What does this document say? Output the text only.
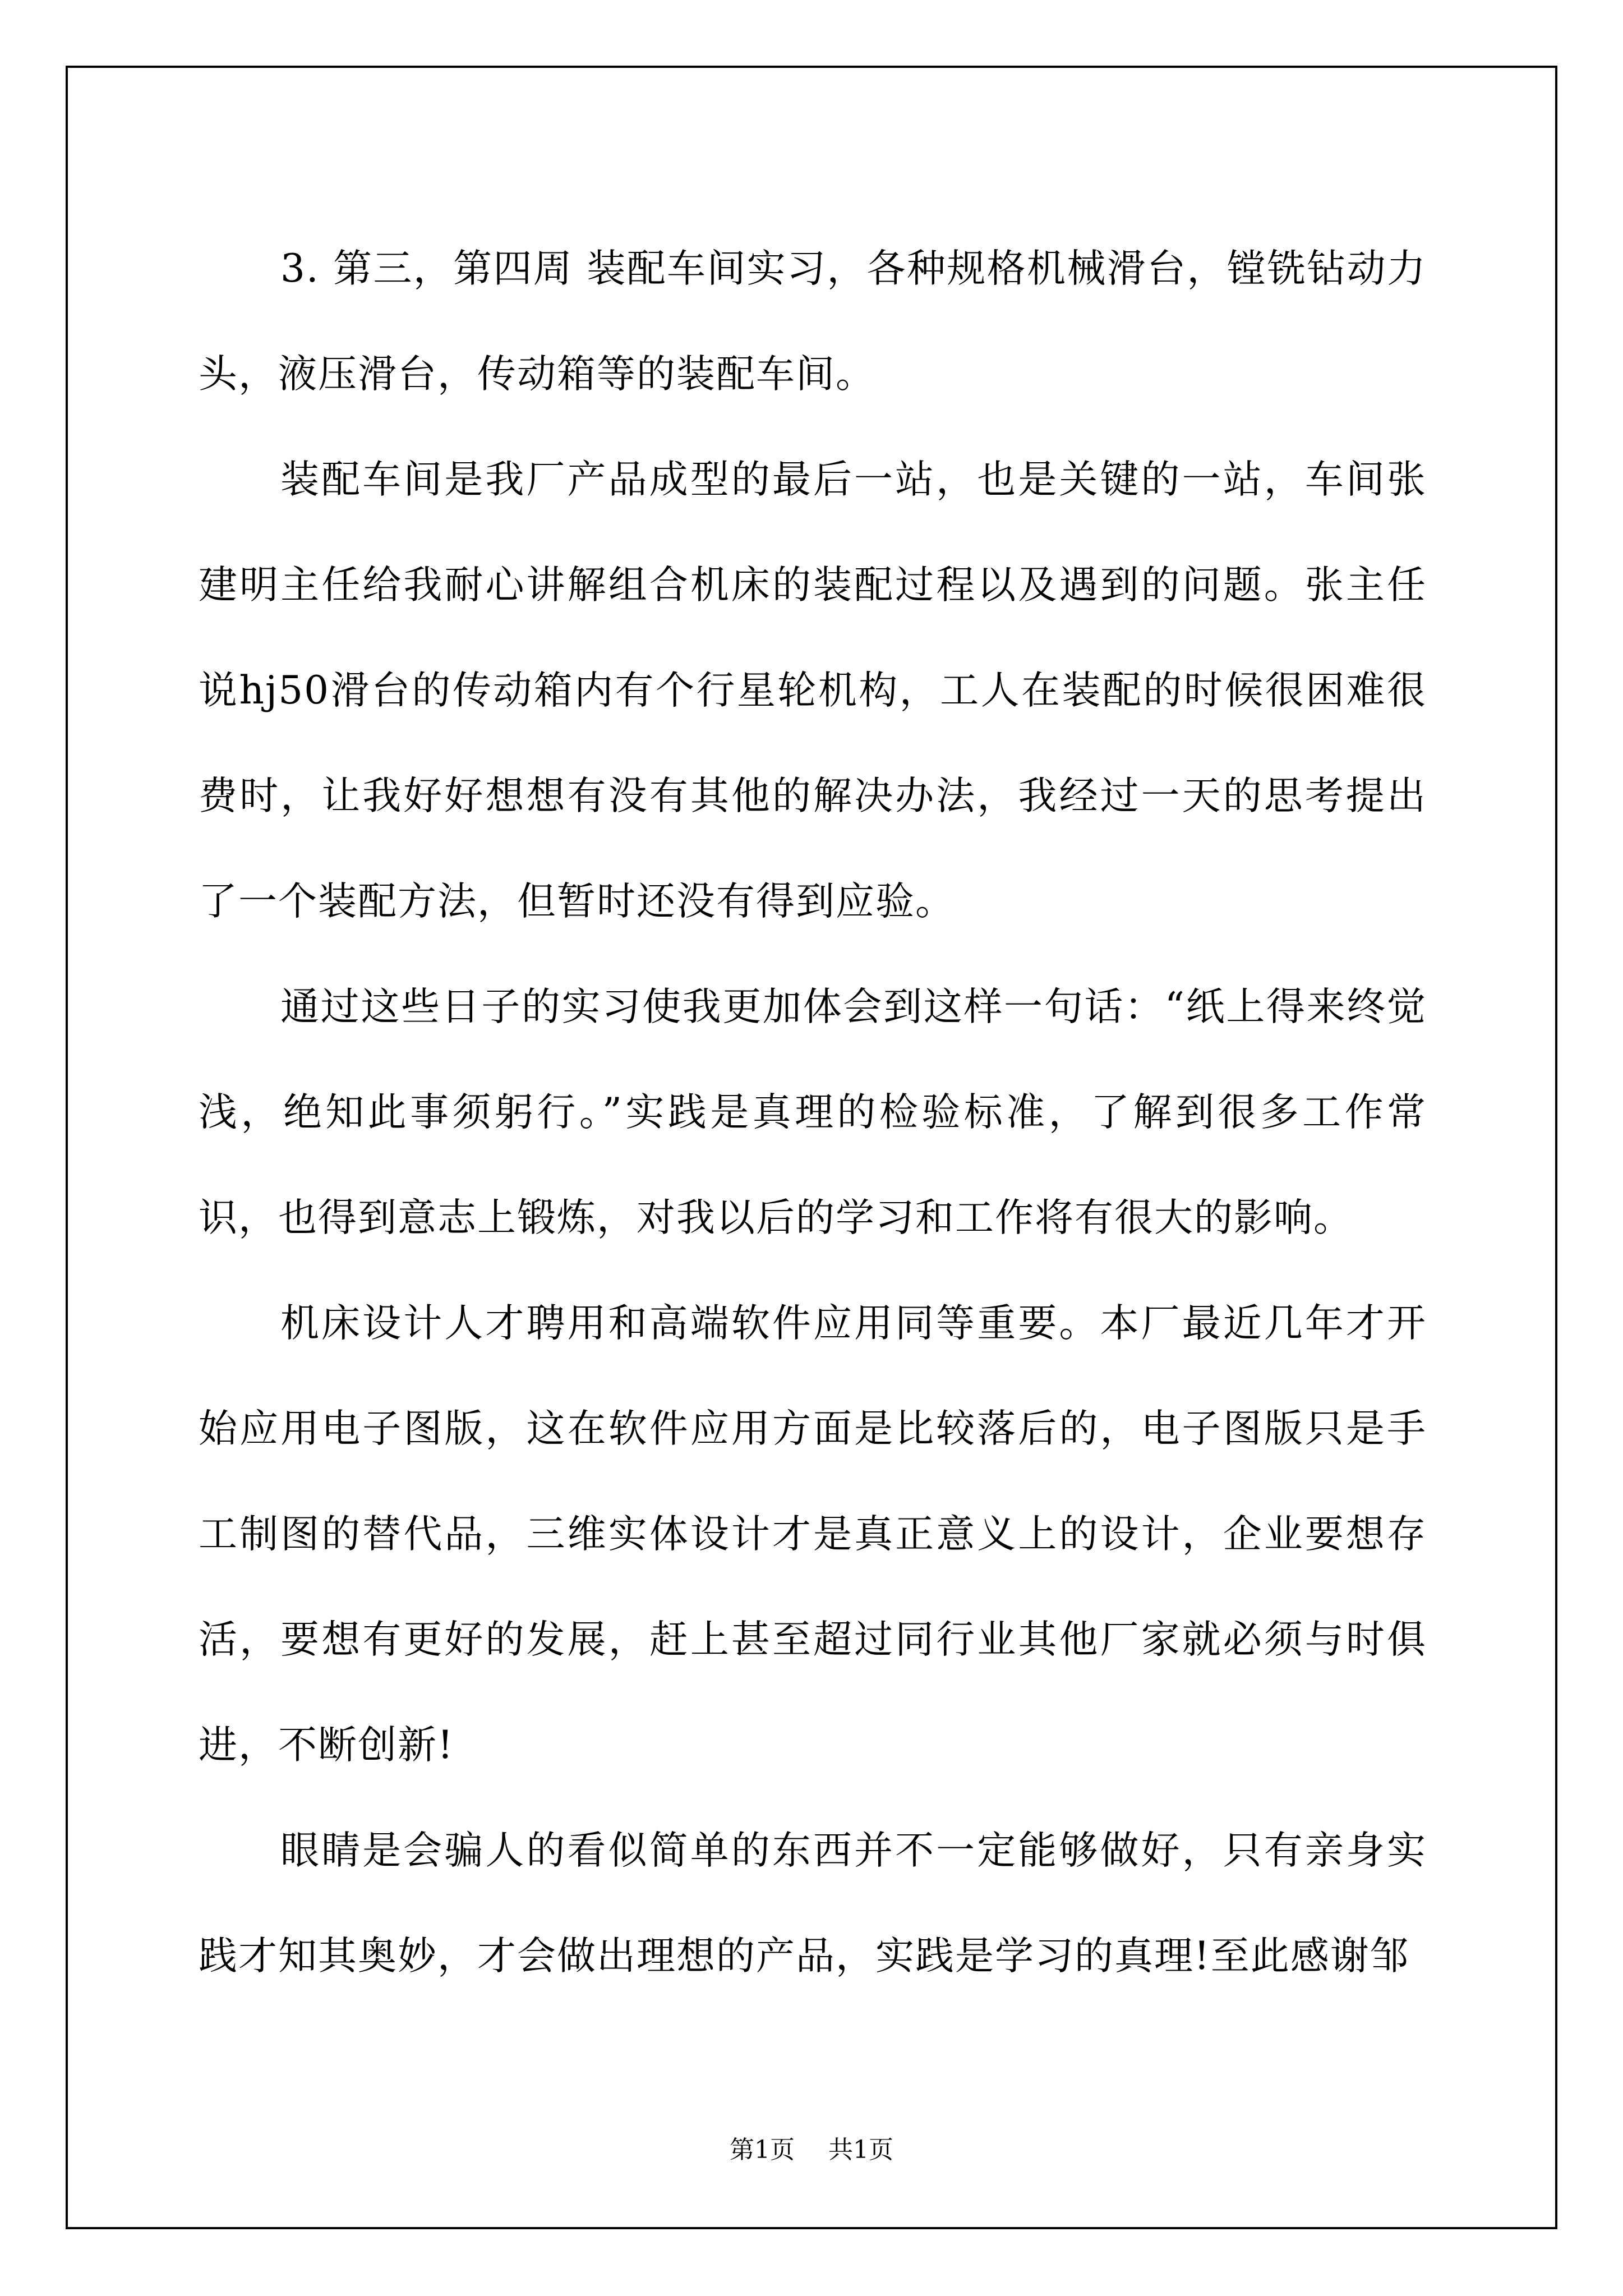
3. 第三，第四周 装配车间实习，各种规格机械滑台，镗铣钻动力头，液压滑台，传动箱等的装配车间。

装配车间是我厂产品成型的最后一站，也是关键的一站，车间张建明主任给我耐心讲解组合机床的装配过程以及遇到的问题。张主任说hj50滑台的传动箱内有个行星轮机构，工人在装配的时候很困难很费时，让我好好想想有没有其他的解决办法，我经过一天的思考提出了一个装配方法，但暂时还没有得到应验。

通过这些日子的实习使我更加体会到这样一句话：“纸上得来终觉浅，绝知此事须躬行。”实践是真理的检验标准，了解到很多工作常识，也得到意志上锻炼，对我以后的学习和工作将有很大的影响。

机床设计人才聘用和高端软件应用同等重要。本厂最近几年才开始应用电子图版，这在软件应用方面是比较落后的，电子图版只是手工制图的替代品，三维实体设计才是真正意义上的设计，企业要想存活，要想有更好的发展，赶上甚至超过同行业其他厂家就必须与时俱进，不断创新!

眼睛是会骗人的看似简单的东西并不一定能够做好，只有亲身实践才知其奥妙，才会做出理想的产品，实践是学习的真理!至此感谢邹

第1页 共1页
